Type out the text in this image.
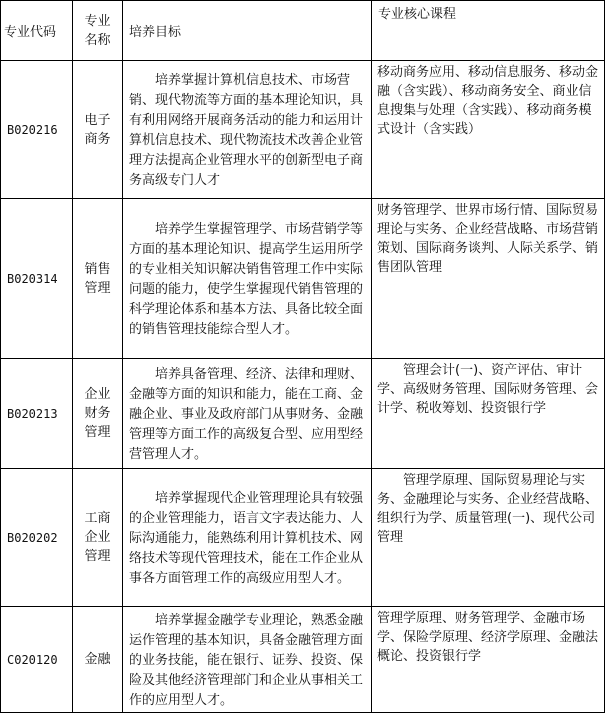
专业代码	专业名称	培养目标	专业核心课程
B020216	电子商务	培养掌握计算机信息技术、市场营销、现代物流等方面的基本理论知识，具有利用网络开展商务活动的能力和运用计算机信息技术、现代物流技术改善企业管理方法提高企业管理水平的创新型电子商务高级专门人才	移动商务应用、移动信息服务、移动金融（含实践）、移动商务安全、商业信息搜集与处理（含实践）、移动商务模式设计（含实践）

B020314	销售管理	培养学生掌握管理学、市场营销学等方面的基本理论知识、提高学生运用所学的专业相关知识解决销售管理工作中实际问题的能力，使学生掌握现代销售管理的科学理论体系和基本方法、具备比较全面的销售管理技能综合型人才。	财务管理学、世界市场行情、国际贸易理论与实务、企业经营战略、市场营销策划、国际商务谈判、人际关系学、销售团队管理

B020213	企业财务管理	培养具备管理、经济、法律和理财、金融等方面的知识和能力，能在工商、金融企业、事业及政府部门从事财务、金融管理等方面工作的高级复合型、应用型经营管理人才。	管理会计(一)、资产评估、审计学、高级财务管理、国际财务管理、会计学、税收筹划、投资银行学

B020202	工商企业管理	培养掌握现代企业管理理论具有较强的企业管理能力，语言文字表达能力、人际沟通能力，能熟练利用计算机技术、网络技术等现代管理技术，能在工作企业从事各方面管理工作的高级应用型人才。	管理学原理、国际贸易理论与实务、金融理论与实务、企业经营战略、组织行为学、质量管理(一)、现代公司管理

C020120	金融	培养掌握金融学专业理论，熟悉金融运作管理的基本知识，具备金融管理方面的业务技能，能在银行、证券、投资、保险及其他经济管理部门和企业从事相关工作的应用型人才。	管理学原理、财务管理学、金融市场学、保险学原理、经济学原理、金融法概论、投资银行学
